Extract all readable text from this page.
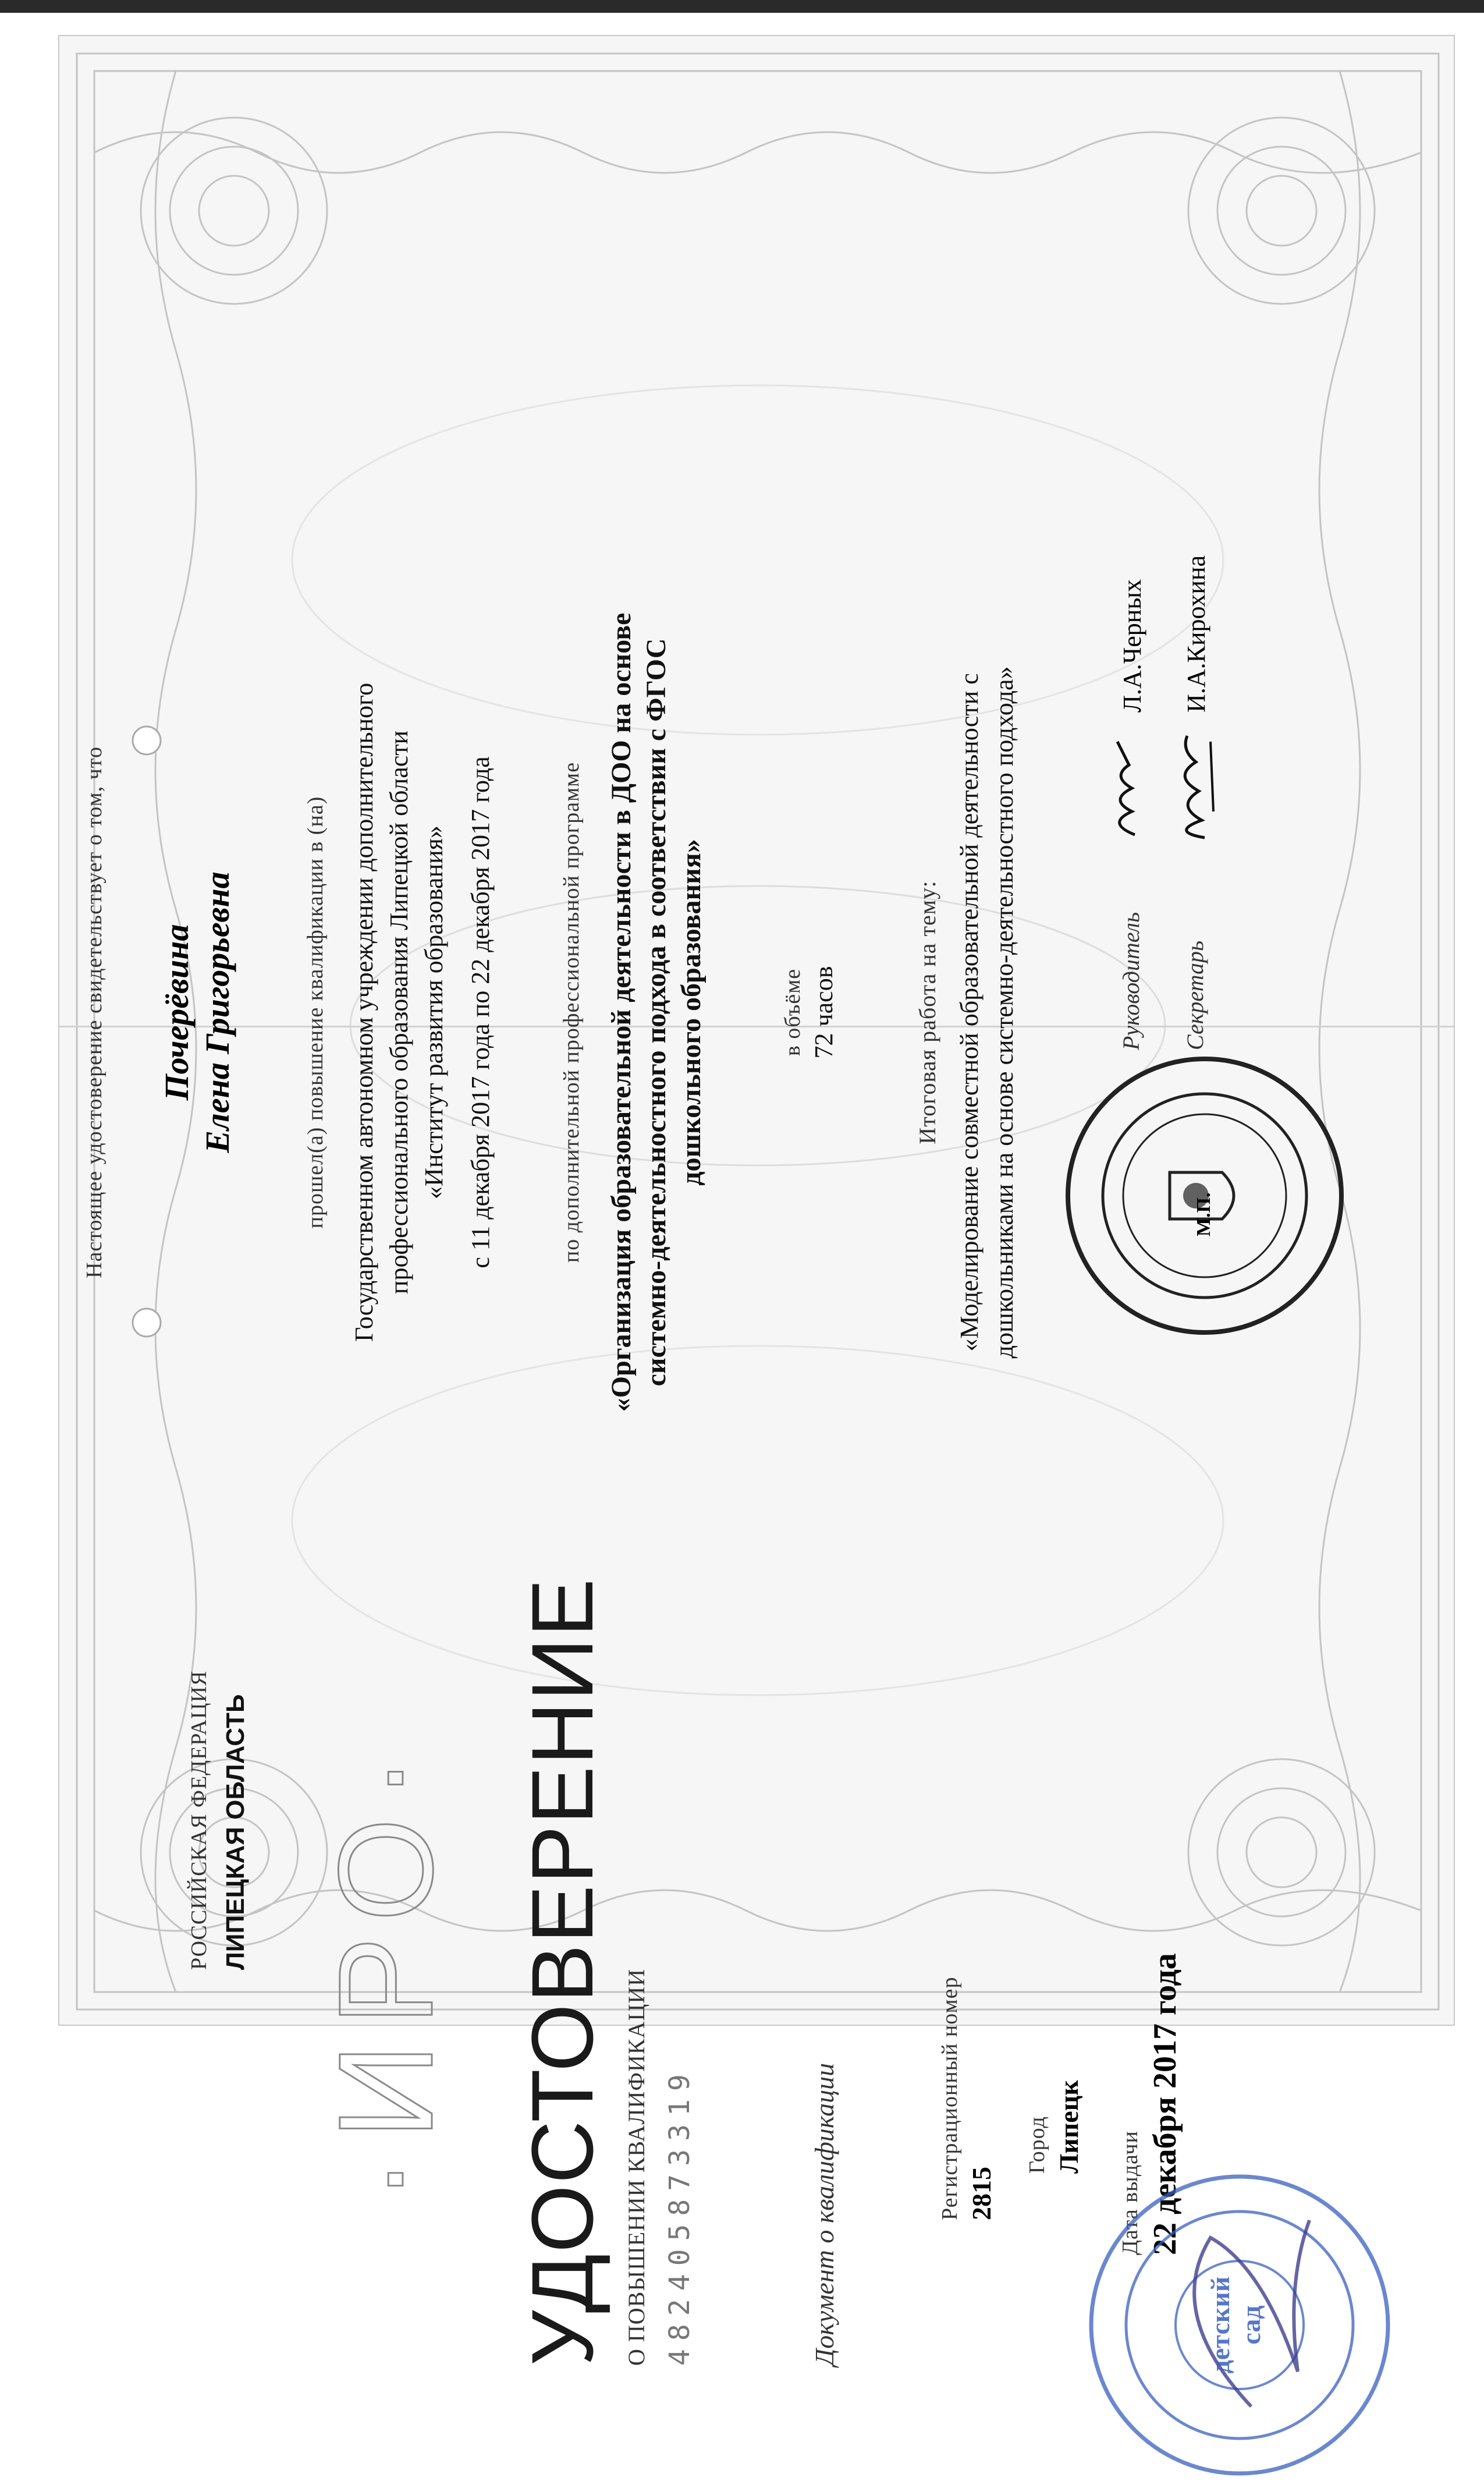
РОССИЙСКАЯ ФЕДЕРАЦИЯ ЛИПЕЦКАЯ ОБЛАСТЬ ·ИРО· УДОСТОВЕРЕНИЕ О ПОВЫШЕНИИ КВАЛИФИКАЦИИ 482405873319	Документ о квалификации	Регистрационный номер 2815
Город Липецк
Дата выдачи 22 декабря 2017 года
детский сад
Настоящее удостоверение свидетельствует о том, что Почерёвина Елена Григорьевна	прошел(а) повышение квалификации в (на) Государственном автономном учреждении дополнительного профессионального образования Липецкой области «Институт развития образования» с 11 декабря 2017 года по 22 декабря 2017 года	по дополнительной профессиональной программе «Организация образовательной деятельности в ДОО на основе системно-деятельностного подхода в соответствии с ФГОС дошкольного образования»	в объёме 72 часов	Итоговая работа на тему: «Моделирование совместной образовательной деятельности с дошкольниками на основе системно-деятельностного подхода»	М.П.
Руководитель
Л.А.Черных
Секретарь
И.А.Кирохина
